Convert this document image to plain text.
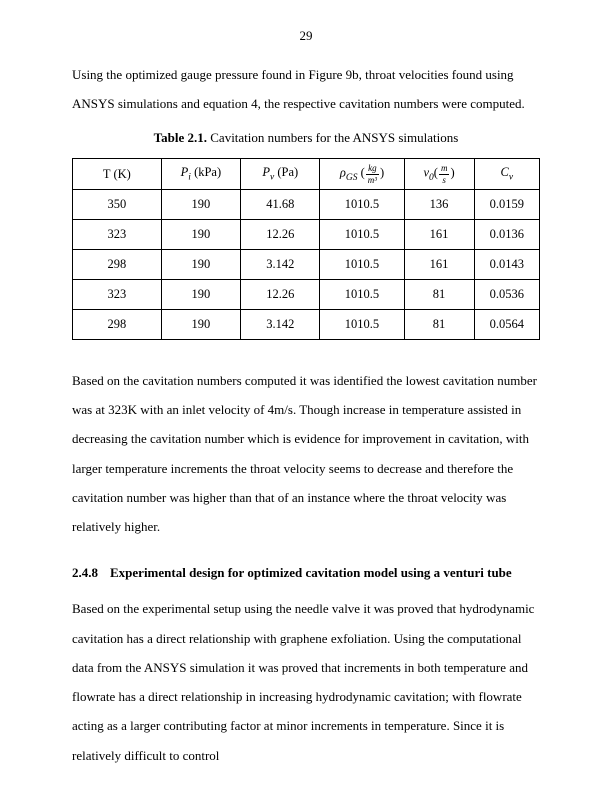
29

Using the optimized gauge pressure found in Figure 9b, throat velocities found using ANSYS simulations and equation 4, the respective cavitation numbers were computed.

Table 2.1. Cavitation numbers for the ANSYS simulations
T (K)	$P_i$ (kPa)	$P_v$ (Pa)	$\rho_{GS}$ ( $\frac{kg}{\text{m³}}$ )	$v_0( \frac{m}{s}$ )	$C_v$
350	190	41.68	1010.5	136	0.0159
323	190	12.26	1010.5	161	0.0136
298	190	3.142	1010.5	161	0.0143
323	190	12.26	1010.5	81	0.0536
298	190	3.142	1010.5	81	0.0564

Based on the cavitation numbers computed it was identified the lowest cavitation number was at 323K with an inlet velocity of 4m/s. Though increase in temperature assisted in decreasing the cavitation number which is evidence for improvement in cavitation, with larger temperature increments the throat velocity seems to decrease and therefore the cavitation number was higher than that of an instance where the throat velocity was relatively higher.

2.4.8 Experimental design for optimized cavitation model using a venturi tube

Based on the experimental setup using the needle valve it was proved that hydrodynamic cavitation has a direct relationship with graphene exfoliation. Using the computational data from the ANSYS simulation it was proved that increments in both temperature and flowrate has a direct relationship in increasing hydrodynamic cavitation; with flowrate acting as a larger contributing factor at minor increments in temperature. Since it is relatively difficult to control
